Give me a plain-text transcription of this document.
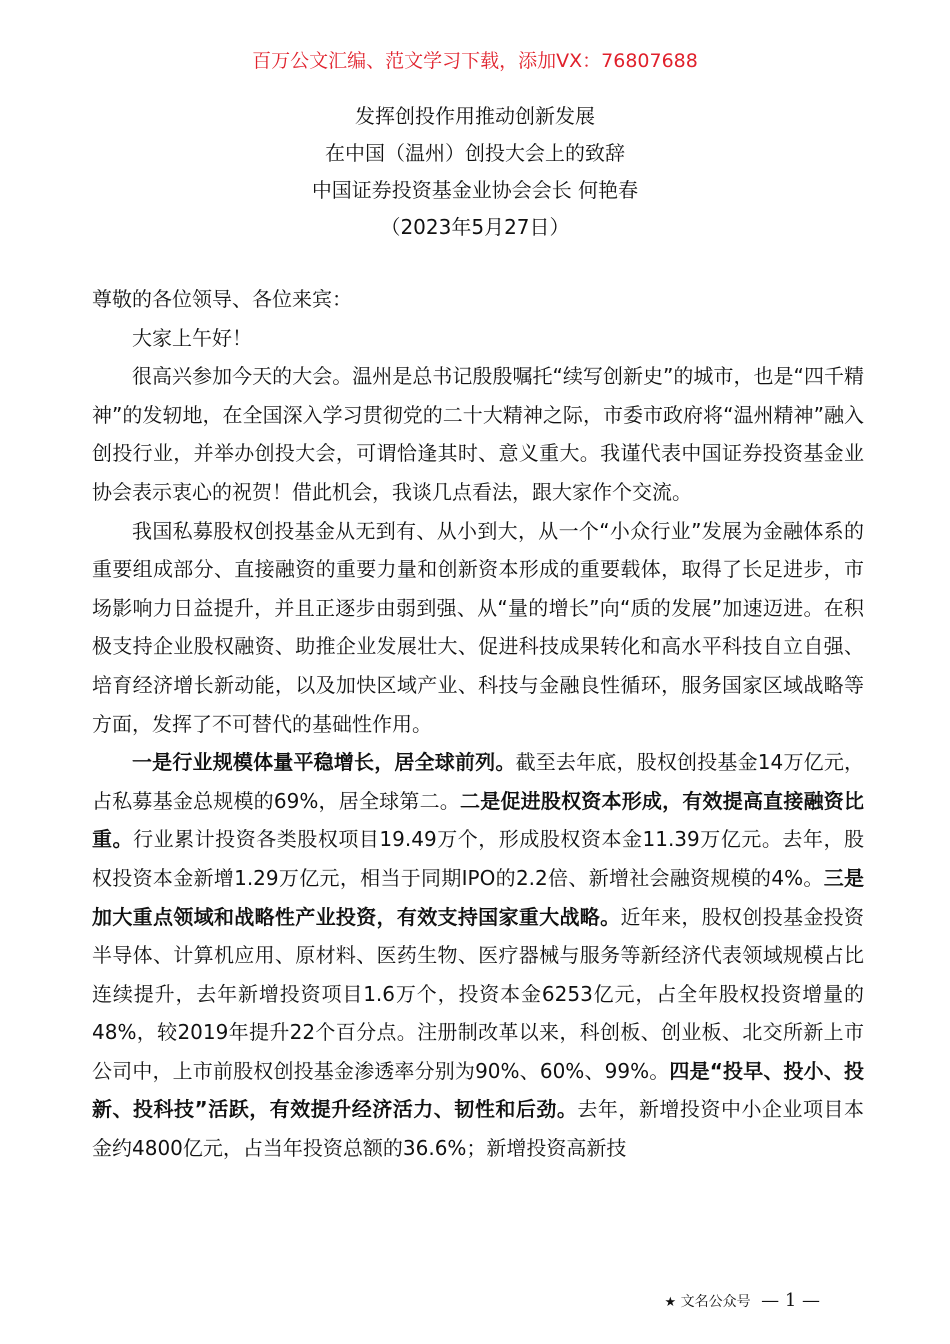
百万公文汇编、范文学习下载，添加VX：76807688
发挥创投作用推动创新发展
在中国（温州）创投大会上的致辞
中国证券投资基金业协会会长 何艳春
（2023年5月27日）
尊敬的各位领导、各位来宾：

大家上午好！

很高兴参加今天的大会。温州是总书记殷殷嘱托“续写创新史”的城市，也是“四千精神”的发轫地，在全国深入学习贯彻党的二十大精神之际，市委市政府将“温州精神”融入创投行业，并举办创投大会，可谓恰逢其时、意义重大。我谨代表中国证券投资基金业协会表示衷心的祝贺！借此机会，我谈几点看法，跟大家作个交流。

我国私募股权创投基金从无到有、从小到大，从一个“小众行业”发展为金融体系的重要组成部分、直接融资的重要力量和创新资本形成的重要载体，取得了长足进步，市场影响力日益提升，并且正逐步由弱到强、从“量的增长”向“质的发展”加速迈进。在积极支持企业股权融资、助推企业发展壮大、促进科技成果转化和高水平科技自立自强、培育经济增长新动能，以及加快区域产业、科技与金融良性循环，服务国家区域战略等方面，发挥了不可替代的基础性作用。

一是行业规模体量平稳增长，居全球前列。截至去年底，股权创投基金14万亿元，占私募基金总规模的69%，居全球第二。二是促进股权资本形成，有效提高直接融资比重。行业累计投资各类股权项目19.49万个，形成股权资本金11.39万亿元。去年，股权投资本金新增1.29万亿元，相当于同期IPO的2.2倍、新增社会融资规模的4%。三是加大重点领域和战略性产业投资，有效支持国家重大战略。近年来，股权创投基金投资半导体、计算机应用、原材料、医药生物、医疗器械与服务等新经济代表领域规模占比连续提升，去年新增投资项目1.6万个，投资本金6253亿元，占全年股权投资增量的48%，较2019年提升22个百分点。注册制改革以来，科创板、创业板、北交所新上市公司中，上市前股权创投基金渗透率分别为90%、60%、99%。四是“投早、投小、投新、投科技”活跃，有效提升经济活力、韧性和后劲。去年，新增投资中小企业项目本金约4800亿元，占当年投资总额的36.6%；新增投资高新技

★ 文名公众号 — 1 —
